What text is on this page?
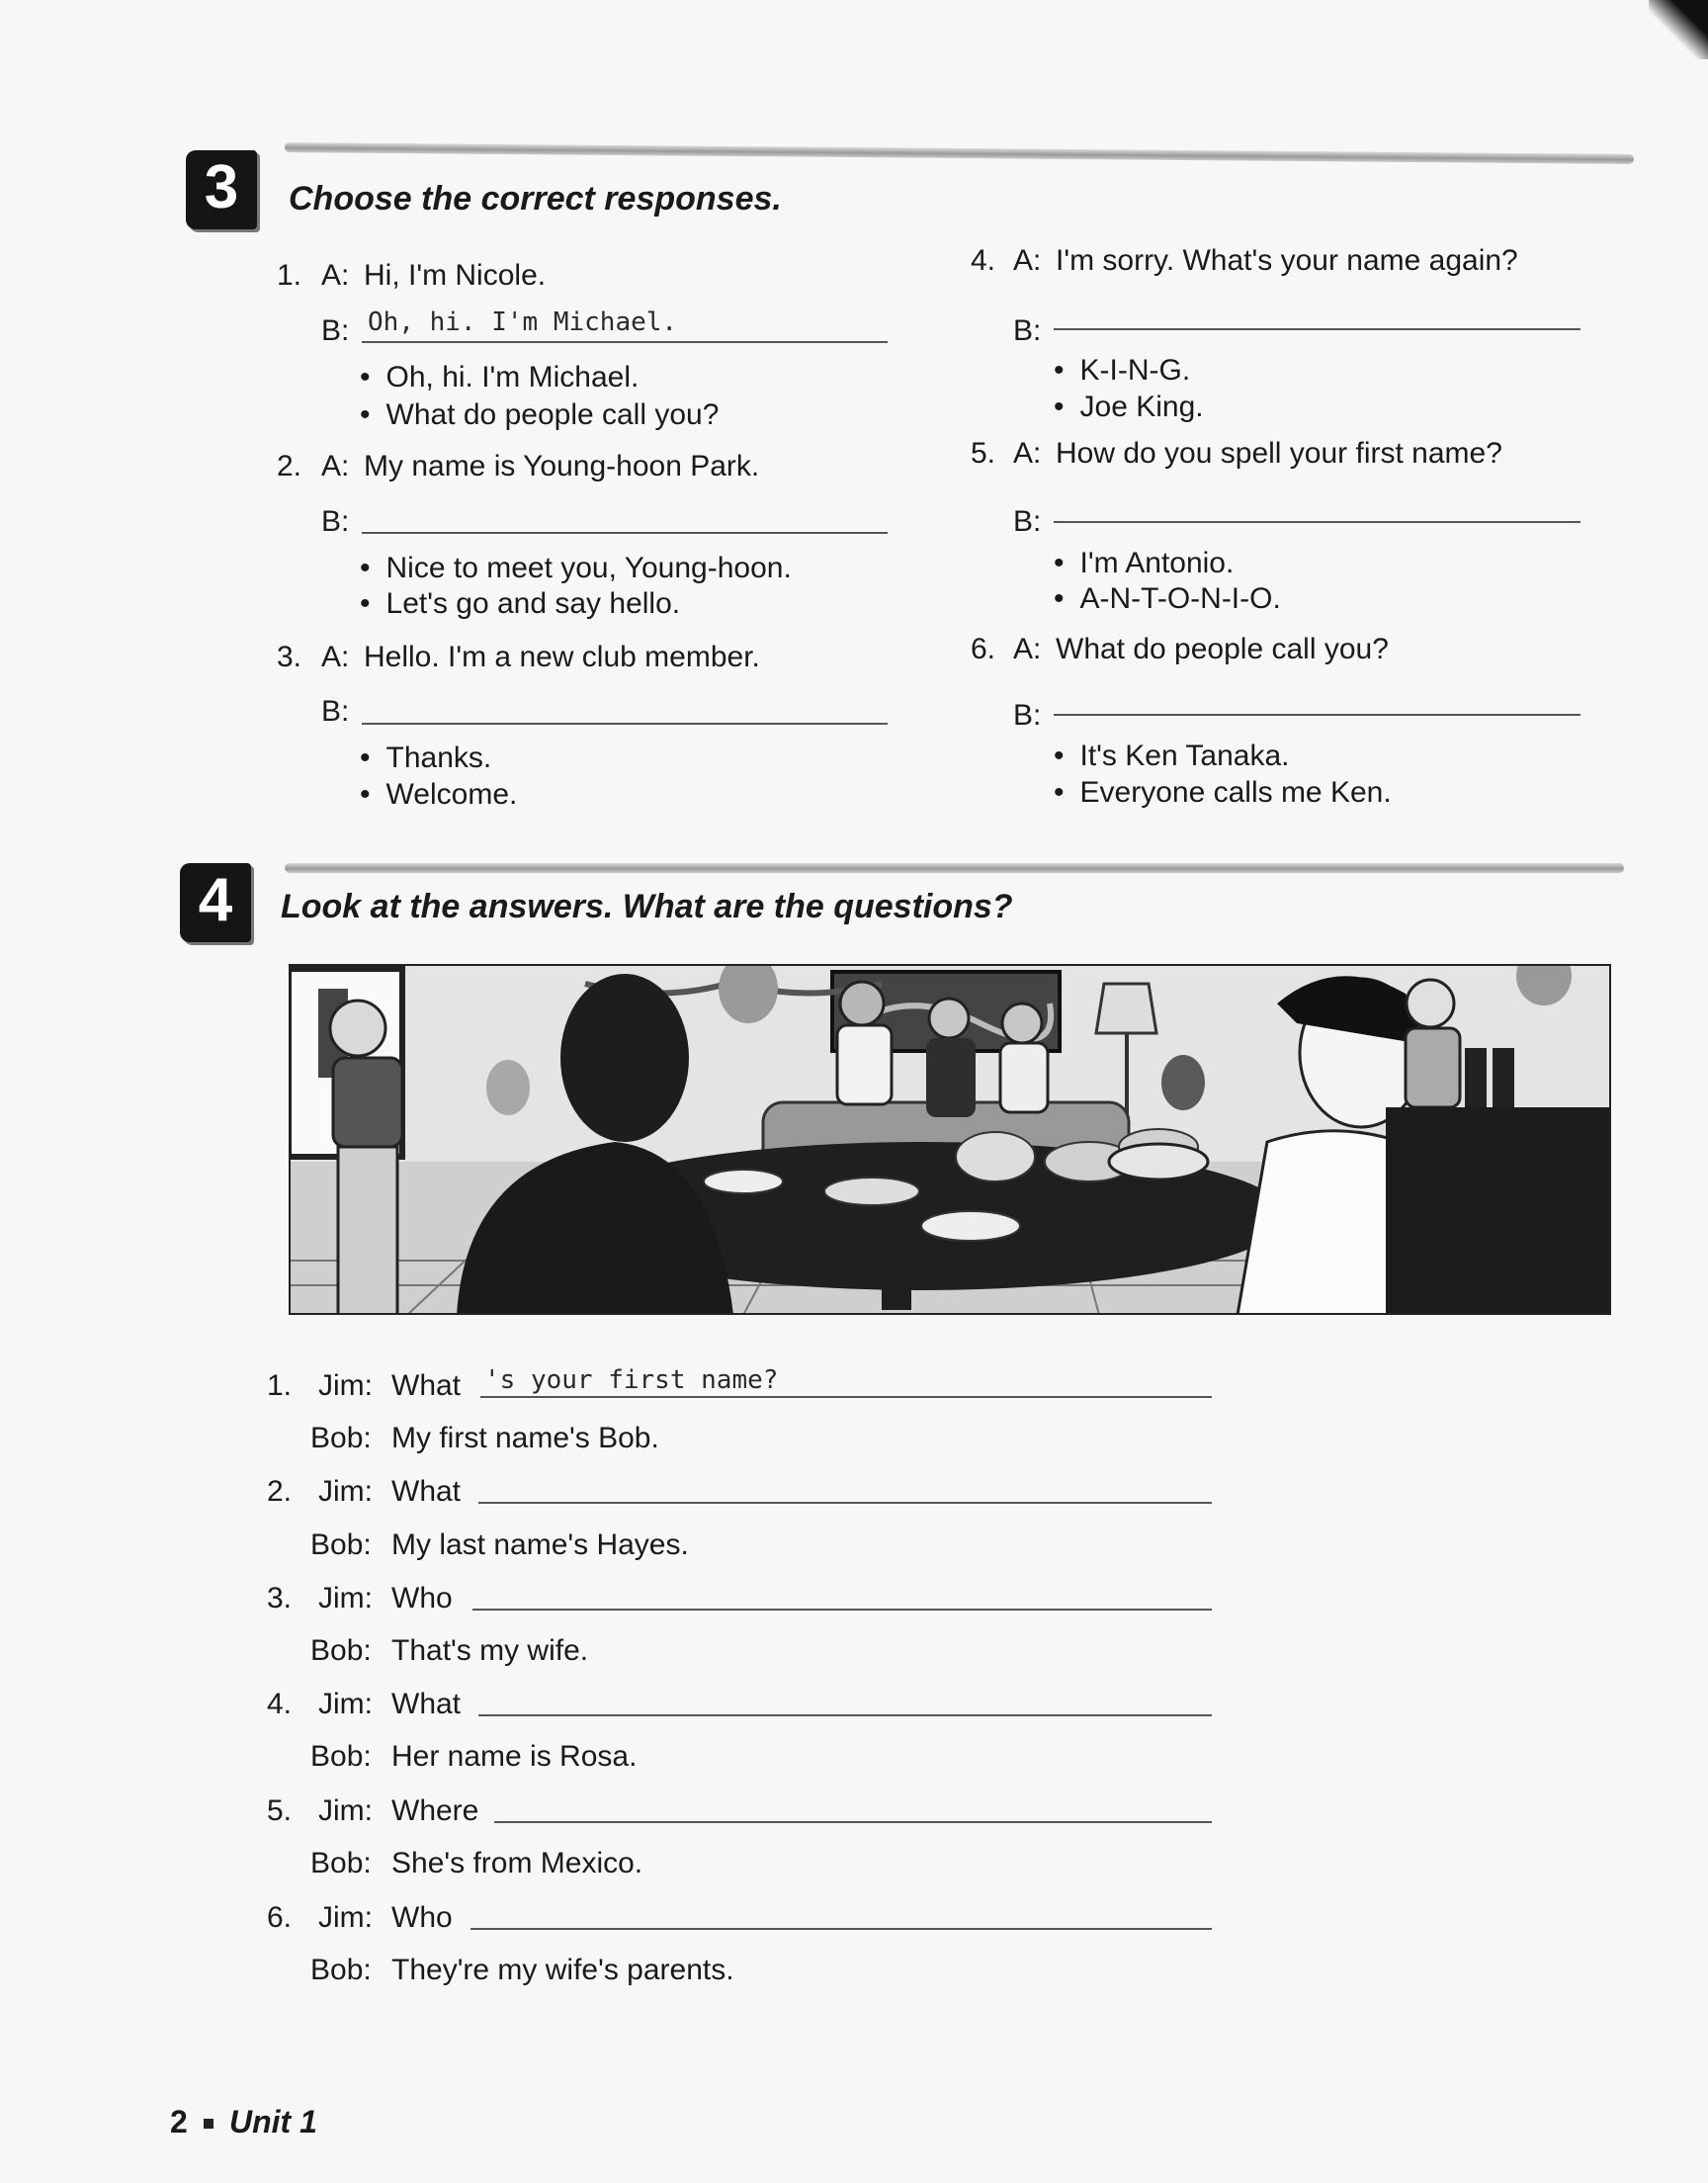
3	Choose the correct responses.
1. A: Hi, I'm Nicole.
B: Oh, hi. I'm Michael.
• Oh, hi. I'm Michael.
• What do people call you?
2. A: My name is Young-hoon Park.
B:
• Nice to meet you, Young-hoon.
• Let's go and say hello.
3. A: Hello. I'm a new club member.
B:
• Thanks.
• Welcome.
4. A: I'm sorry. What's your name again?
B:
• K-I-N-G.
• Joe King.
5. A: How do you spell your first name?
B:
• I'm Antonio.
• A-N-T-O-N-I-O.
6. A: What do people call you?
B:
• It's Ken Tanaka.
• Everyone calls me Ken.
4	Look at the answers. What are the questions?
1. Jim: What 's your first name?
Bob: My first name's Bob.
2. Jim: What
Bob: My last name's Hayes.
3. Jim: Who
Bob: That's my wife.
4. Jim: What
Bob: Her name is Rosa.
5. Jim: Where
Bob: She's from Mexico.
6. Jim: Who
Bob: They're my wife's parents.
2 Unit 1
